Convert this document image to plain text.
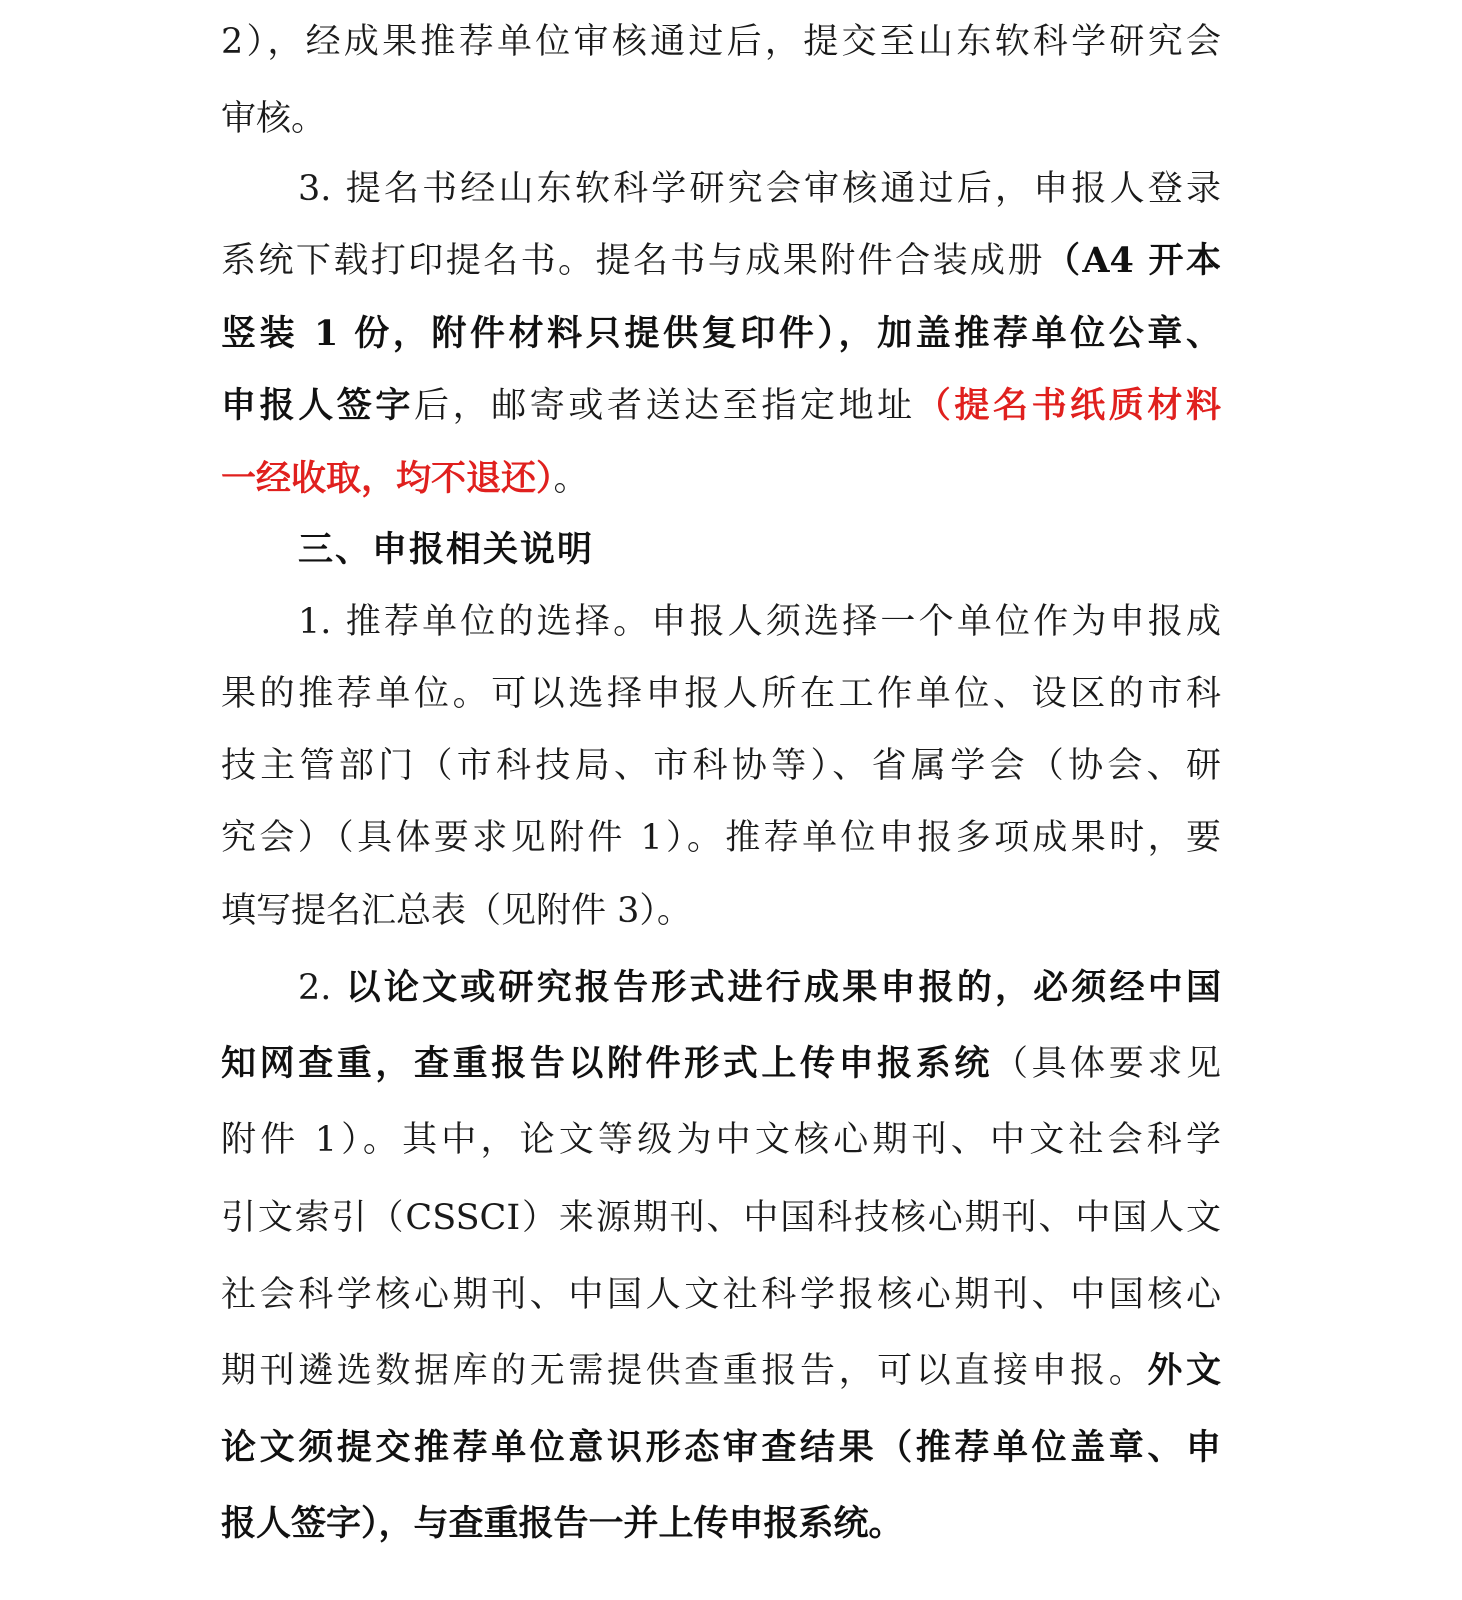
2），经成果推荐单位审核通过后，提交至山东软科学研究会
审核。
3. 提名书经山东软科学研究会审核通过后，申报人登录
系统下载打印提名书。提名书与成果附件合装成册（A4 开本
竖装 1 份，附件材料只提供复印件），加盖推荐单位公章、
申报人签字后，邮寄或者送达至指定地址（提名书纸质材料
一经收取，均不退还）。
三、申报相关说明
1. 推荐单位的选择。申报人须选择一个单位作为申报成
果的推荐单位。可以选择申报人所在工作单位、设区的市科
技主管部门（市科技局、市科协等）、省属学会（协会、研
究会）（具体要求见附件 1）。推荐单位申报多项成果时，要
填写提名汇总表（见附件 3）。
2. 以论文或研究报告形式进行成果申报的，必须经中国
知网查重，查重报告以附件形式上传申报系统（具体要求见
附件 1）。其中，论文等级为中文核心期刊、中文社会科学
引文索引（CSSCI）来源期刊、中国科技核心期刊、中国人文
社会科学核心期刊、中国人文社科学报核心期刊、中国核心
期刊遴选数据库的无需提供查重报告，可以直接申报。外文
论文须提交推荐单位意识形态审查结果（推荐单位盖章、申
报人签字），与查重报告一并上传申报系统。
